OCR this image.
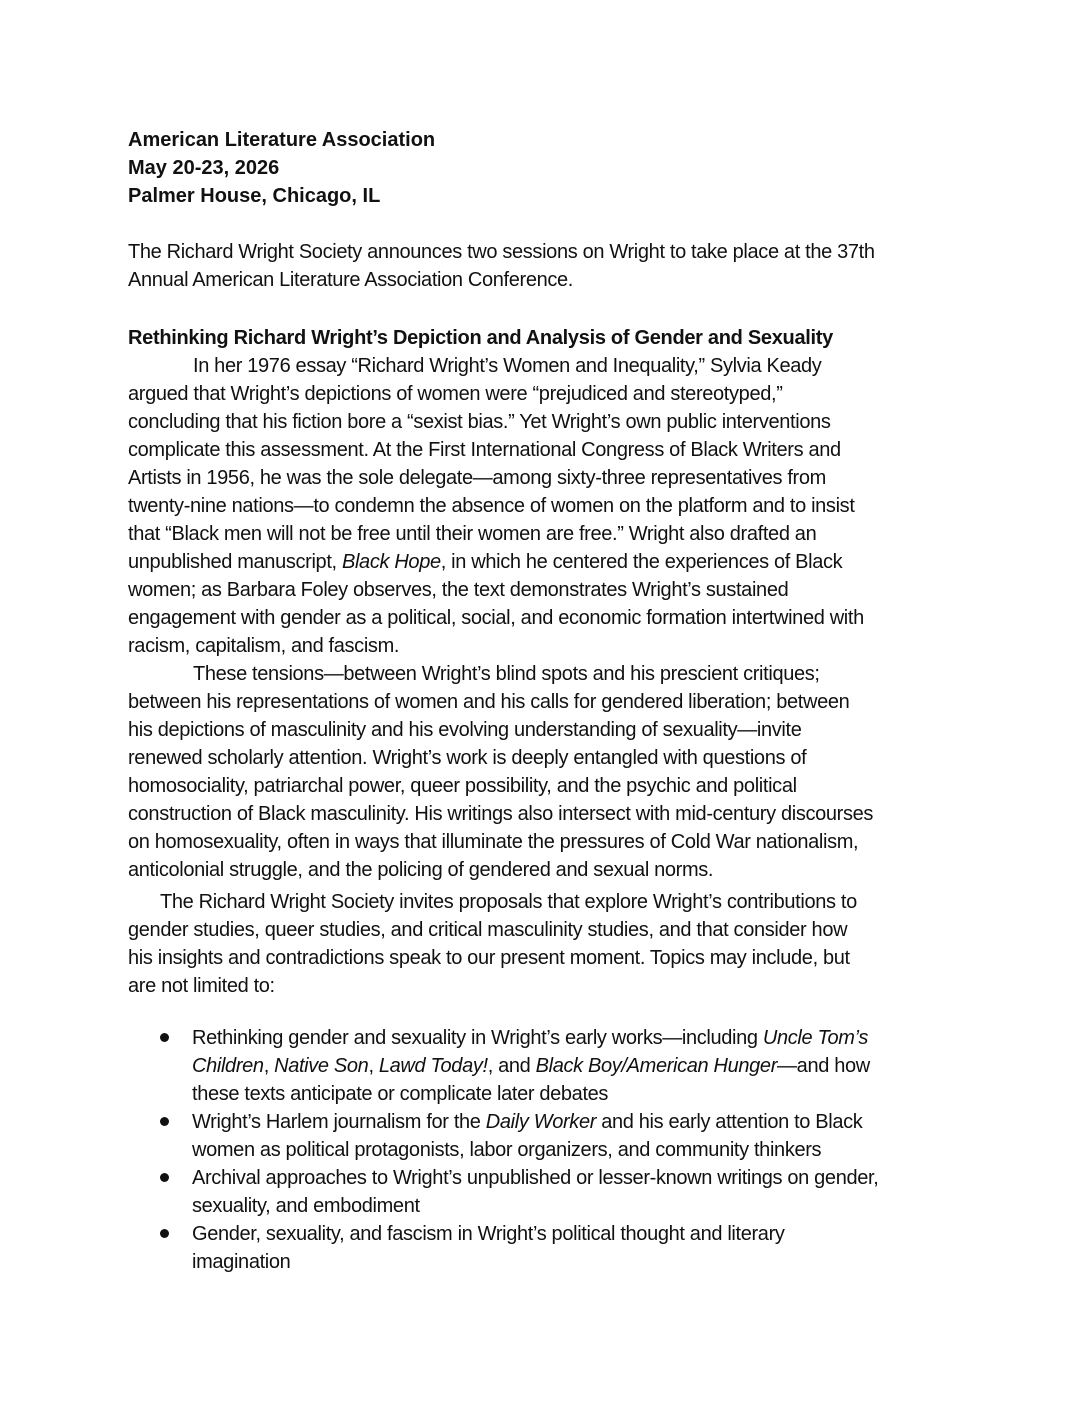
American Literature Association
May 20-23, 2026
Palmer House, Chicago, IL
The Richard Wright Society announces two sessions on Wright to take place at the 37th
Annual American Literature Association Conference.
Rethinking Richard Wright’s Depiction and Analysis of Gender and Sexuality
In her 1976 essay “Richard Wright’s Women and Inequality,” Sylvia Keady
argued that Wright’s depictions of women were “prejudiced and stereotyped,”
concluding that his fiction bore a “sexist bias.” Yet Wright’s own public interventions
complicate this assessment. At the First International Congress of Black Writers and
Artists in 1956, he was the sole delegate—among sixty-three representatives from
twenty-nine nations—to condemn the absence of women on the platform and to insist
that “Black men will not be free until their women are free.” Wright also drafted an
unpublished manuscript, Black Hope, in which he centered the experiences of Black
women; as Barbara Foley observes, the text demonstrates Wright’s sustained
engagement with gender as a political, social, and economic formation intertwined with
racism, capitalism, and fascism.
These tensions—between Wright’s blind spots and his prescient critiques;
between his representations of women and his calls for gendered liberation; between
his depictions of masculinity and his evolving understanding of sexuality—invite
renewed scholarly attention. Wright’s work is deeply entangled with questions of
homosociality, patriarchal power, queer possibility, and the psychic and political
construction of Black masculinity. His writings also intersect with mid-century discourses
on homosexuality, often in ways that illuminate the pressures of Cold War nationalism,
anticolonial struggle, and the policing of gendered and sexual norms.
The Richard Wright Society invites proposals that explore Wright’s contributions to
gender studies, queer studies, and critical masculinity studies, and that consider how
his insights and contradictions speak to our present moment. Topics may include, but
are not limited to:
Rethinking gender and sexuality in Wright’s early works—including Uncle Tom’s
Children, Native Son, Lawd Today!, and Black Boy/American Hunger—and how
these texts anticipate or complicate later debates
Wright’s Harlem journalism for the Daily Worker and his early attention to Black
women as political protagonists, labor organizers, and community thinkers
Archival approaches to Wright’s unpublished or lesser-known writings on gender,
sexuality, and embodiment
Gender, sexuality, and fascism in Wright’s political thought and literary
imagination
